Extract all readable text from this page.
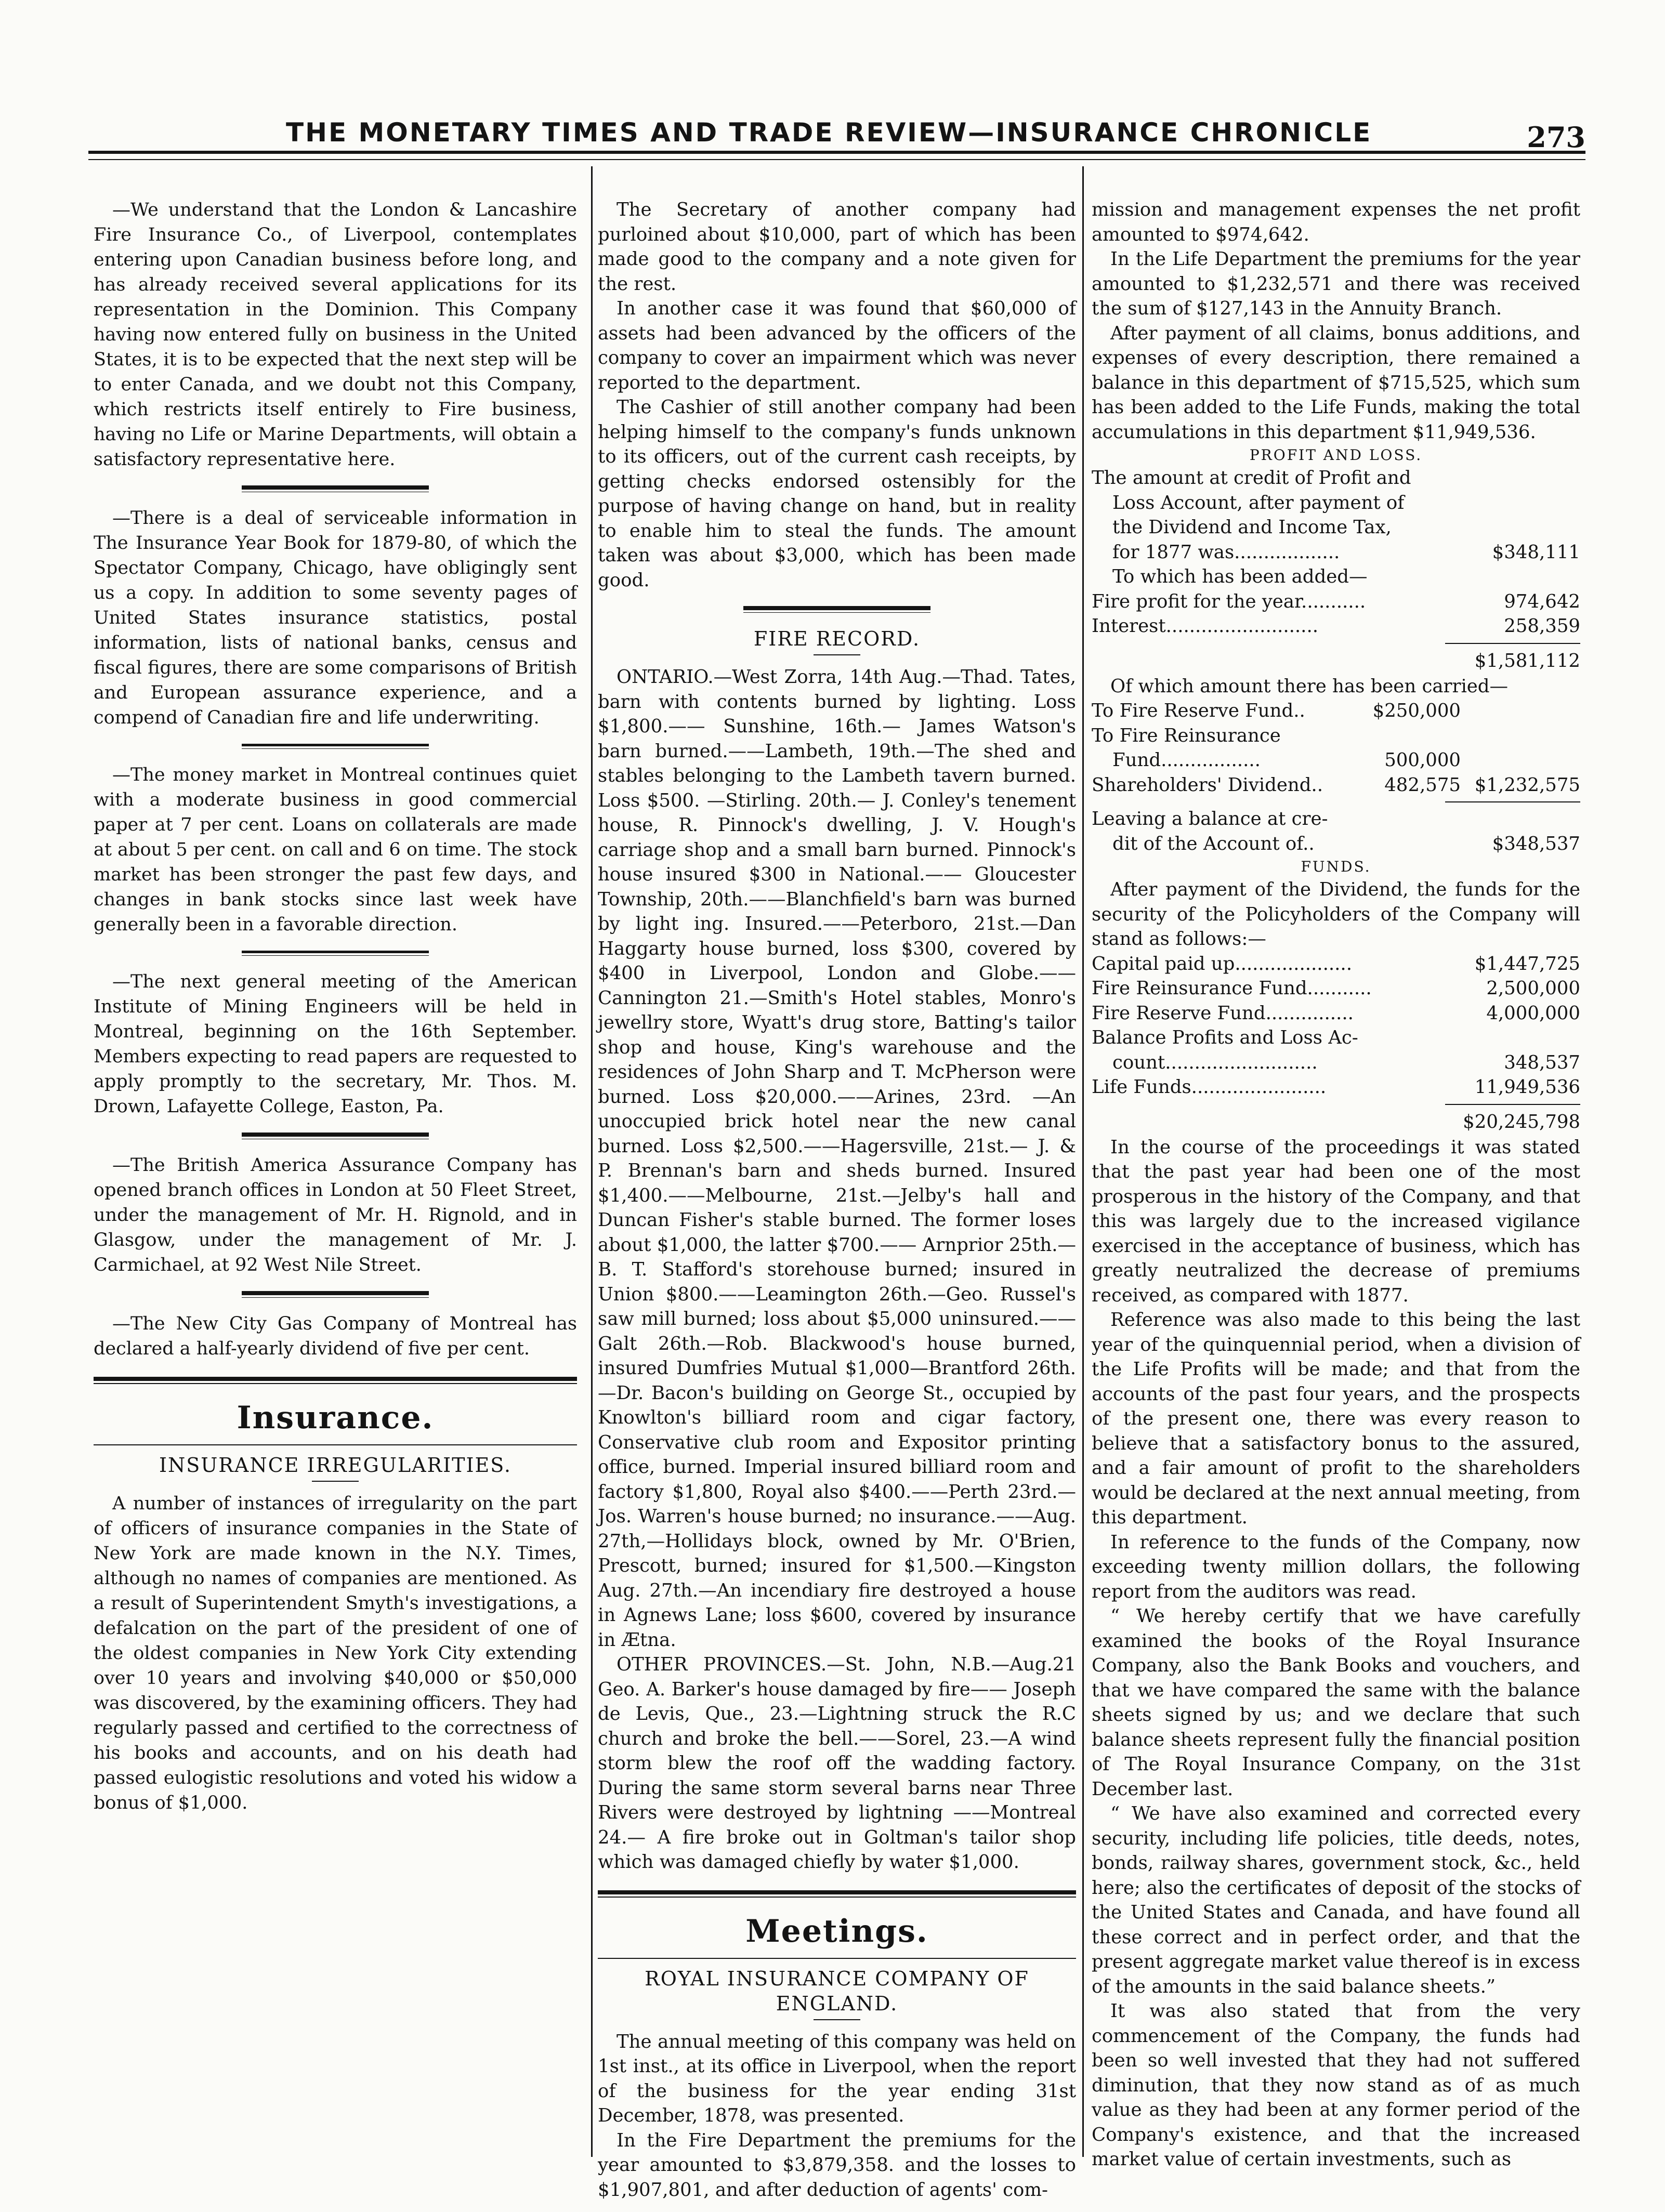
THE MONETARY TIMES AND TRADE REVIEW—INSURANCE CHRONICLE	273

—We understand that the London & Lancashire Fire Insurance Co., of Liverpool, contemplates entering upon Canadian business before long, and has already received several applications for its representation in the Dominion. This Company having now entered fully on business in the United States, it is to be expected that the next step will be to enter Canada, and we doubt not this Company, which restricts itself entirely to Fire business, having no Life or Marine Departments, will obtain a satisfactory representative here.

—There is a deal of serviceable information in The Insurance Year Book for 1879-80, of which the Spectator Company, Chicago, have obligingly sent us a copy. In addition to some seventy pages of United States insurance statistics, postal information, lists of national banks, census and fiscal figures, there are some comparisons of British and European assurance experience, and a compend of Canadian fire and life underwriting.

—The money market in Montreal continues quiet with a moderate business in good commercial paper at 7 per cent. Loans on collaterals are made at about 5 per cent. on call and 6 on time. The stock market has been stronger the past few days, and changes in bank stocks since last week have generally been in a favorable direction.

—The next general meeting of the American Institute of Mining Engineers will be held in Montreal, beginning on the 16th September. Members expecting to read papers are requested to apply promptly to the secretary, Mr. Thos. M. Drown, Lafayette College, Easton, Pa.

—The British America Assurance Company has opened branch offices in London at 50 Fleet Street, under the management of Mr. H. Rignold, and in Glasgow, under the management of Mr. J. Carmichael, at 92 West Nile Street.

—The New City Gas Company of Montreal has declared a half-yearly dividend of five per cent.

Insurance.
INSURANCE IRREGULARITIES.

A number of instances of irregularity on the part of officers of insurance companies in the State of New York are made known in the N.Y. Times, although no names of companies are mentioned. As a result of Superintendent Smyth's investigations, a defalcation on the part of the president of one of the oldest companies in New York City extending over 10 years and involving $40,000 or $50,000 was discovered, by the examining officers. They had regularly passed and certified to the correctness of his books and accounts, and on his death had passed eulogistic resolutions and voted his widow a bonus of $1,000.

The Secretary of another company had purloined about $10,000, part of which has been made good to the company and a note given for the rest.

In another case it was found that $60,000 of assets had been advanced by the officers of the company to cover an impairment which was never reported to the department.

The Cashier of still another company had been helping himself to the company's funds unknown to its officers, out of the current cash receipts, by getting checks endorsed ostensibly for the purpose of having change on hand, but in reality to enable him to steal the funds. The amount taken was about $3,000, which has been made good.

FIRE RECORD.

ONTARIO.—West Zorra, 14th Aug.—Thad. Tates, barn with contents burned by lighting. Loss $1,800.—— Sunshine, 16th.— James Watson's barn burned.——Lambeth, 19th.—The shed and stables belonging to the Lambeth tavern burned. Loss $500. —Stirling. 20th.— J. Conley's tenement house, R. Pinnock's dwelling, J. V. Hough's carriage shop and a small barn burned. Pinnock's house insured $300 in National.—— Gloucester Township, 20th.——Blanchfield's barn was burned by light ing. Insured.——Peterboro, 21st.—Dan Haggarty house burned, loss $300, covered by $400 in Liverpool, London and Globe.——Cannington 21.—Smith's Hotel stables, Monro's jewellry store, Wyatt's drug store, Batting's tailor shop and house, King's warehouse and the residences of John Sharp and T. McPherson were burned. Loss $20,000.——Arines, 23rd. —An unoccupied brick hotel near the new canal burned. Loss $2,500.——Hagersville, 21st.— J. & P. Brennan's barn and sheds burned. Insured $1,400.——Melbourne, 21st.—Jelby's hall and Duncan Fisher's stable burned. The former loses about $1,000, the latter $700.—— Arnprior 25th.—B. T. Stafford's storehouse burned; insured in Union $800.——Leamington 26th.—Geo. Russel's saw mill burned; loss about $5,000 uninsured.——Galt 26th.—Rob. Blackwood's house burned, insured Dumfries Mutual $1,000—Brantford 26th.—Dr. Bacon's building on George St., occupied by Knowlton's billiard room and cigar factory, Conservative club room and Expositor printing office, burned. Imperial insured billiard room and factory $1,800, Royal also $400.——Perth 23rd.—Jos. Warren's house burned; no insurance.——Aug. 27th,—Hollidays block, owned by Mr. O'Brien, Prescott, burned; insured for $1,500.—Kingston Aug. 27th.—An incendiary fire destroyed a house in Agnews Lane; loss $600, covered by insurance in Ætna.

OTHER PROVINCES.—St. John, N.B.—Aug.21 Geo. A. Barker's house damaged by fire—— Joseph de Levis, Que., 23.—Lightning struck the R.C church and broke the bell.——Sorel, 23.—A wind storm blew the roof off the wadding factory. During the same storm several barns near Three Rivers were destroyed by lightning ——Montreal 24.— A fire broke out in Goltman's tailor shop which was damaged chiefly by water $1,000.

Meetings.
ROYAL INSURANCE COMPANY OF ENGLAND.

The annual meeting of this company was held on 1st inst., at its office in Liverpool, when the report of the business for the year ending 31st December, 1878, was presented.

In the Fire Department the premiums for the year amounted to $3,879,358. and the losses to $1,907,801, and after deduction of agents' com-

mission and management expenses the net profit amounted to $974,642.

In the Life Department the premiums for the year amounted to $1,232,571 and there was received the sum of $127,143 in the Annuity Branch.

After payment of all claims, bonus additions, and expenses of every description, there remained a balance in this department of $715,525, which sum has been added to the Life Funds, making the total accumulations in this department $11,949,536.

PROFIT AND LOSS.
The amount at credit of Profit and
Loss Account, after payment of
the Dividend and Income Tax,
for 1877 was..................	$348,111
To which has been added—
Fire profit for the year...........	974,642
Interest..........................	258,359
$1,581,112

Of which amount there has been carried—

To Fire Reserve Fund..	$250,000
To Fire Reinsurance
Fund.................	500,000
Shareholders' Dividend..	482,575 $1,232,575
Leaving a balance at cre-
dit of the Account of..	$348,537
FUNDS.

After payment of the Dividend, the funds for the security of the Policyholders of the Company will stand as follows:—

Capital paid up....................	$1,447,725
Fire Reinsurance Fund...........	2,500,000
Fire Reserve Fund...............	4,000,000
Balance Profits and Loss Ac-
count..........................	348,537
Life Funds.......................	11,949,536
$20,245,798

In the course of the proceedings it was stated that the past year had been one of the most prosperous in the history of the Company, and that this was largely due to the increased vigilance exercised in the acceptance of business, which has greatly neutralized the decrease of premiums received, as compared with 1877.

Reference was also made to this being the last year of the quinquennial period, when a division of the Life Profits will be made; and that from the accounts of the past four years, and the prospects of the present one, there was every reason to believe that a satisfactory bonus to the assured, and a fair amount of profit to the shareholders would be declared at the next annual meeting, from this department.

In reference to the funds of the Company, now exceeding twenty million dollars, the following report from the auditors was read.

“ We hereby certify that we have carefully examined the books of the Royal Insurance Company, also the Bank Books and vouchers, and that we have compared the same with the balance sheets signed by us; and we declare that such balance sheets represent fully the financial position of The Royal Insurance Company, on the 31st December last.

“ We have also examined and corrected every security, including life policies, title deeds, notes, bonds, railway shares, government stock, &c., held here; also the certificates of deposit of the stocks of the United States and Canada, and have found all these correct and in perfect order, and that the present aggregate market value thereof is in excess of the amounts in the said balance sheets.”

It was also stated that from the very commencement of the Company, the funds had been so well invested that they had not suffered diminution, that they now stand as of as much value as they had been at any former period of the Company's existence, and that the increased market value of certain investments, such as
